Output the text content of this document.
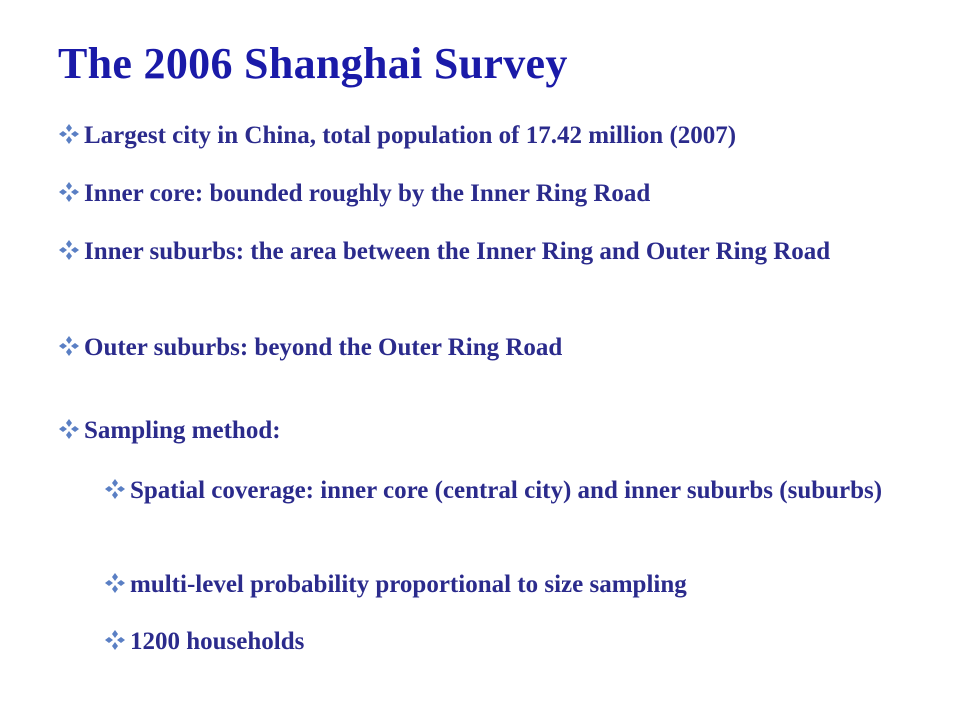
The 2006 Shanghai Survey

Largest city in China, total population of 17.42 million (2007)

Inner core: bounded roughly by the Inner Ring Road

Inner suburbs: the area between the Inner Ring and Outer Ring Road

Outer suburbs: beyond the Outer Ring Road

Sampling method:

Spatial coverage: inner core (central city) and inner suburbs (suburbs)

multi-level probability proportional to size sampling

1200 households
